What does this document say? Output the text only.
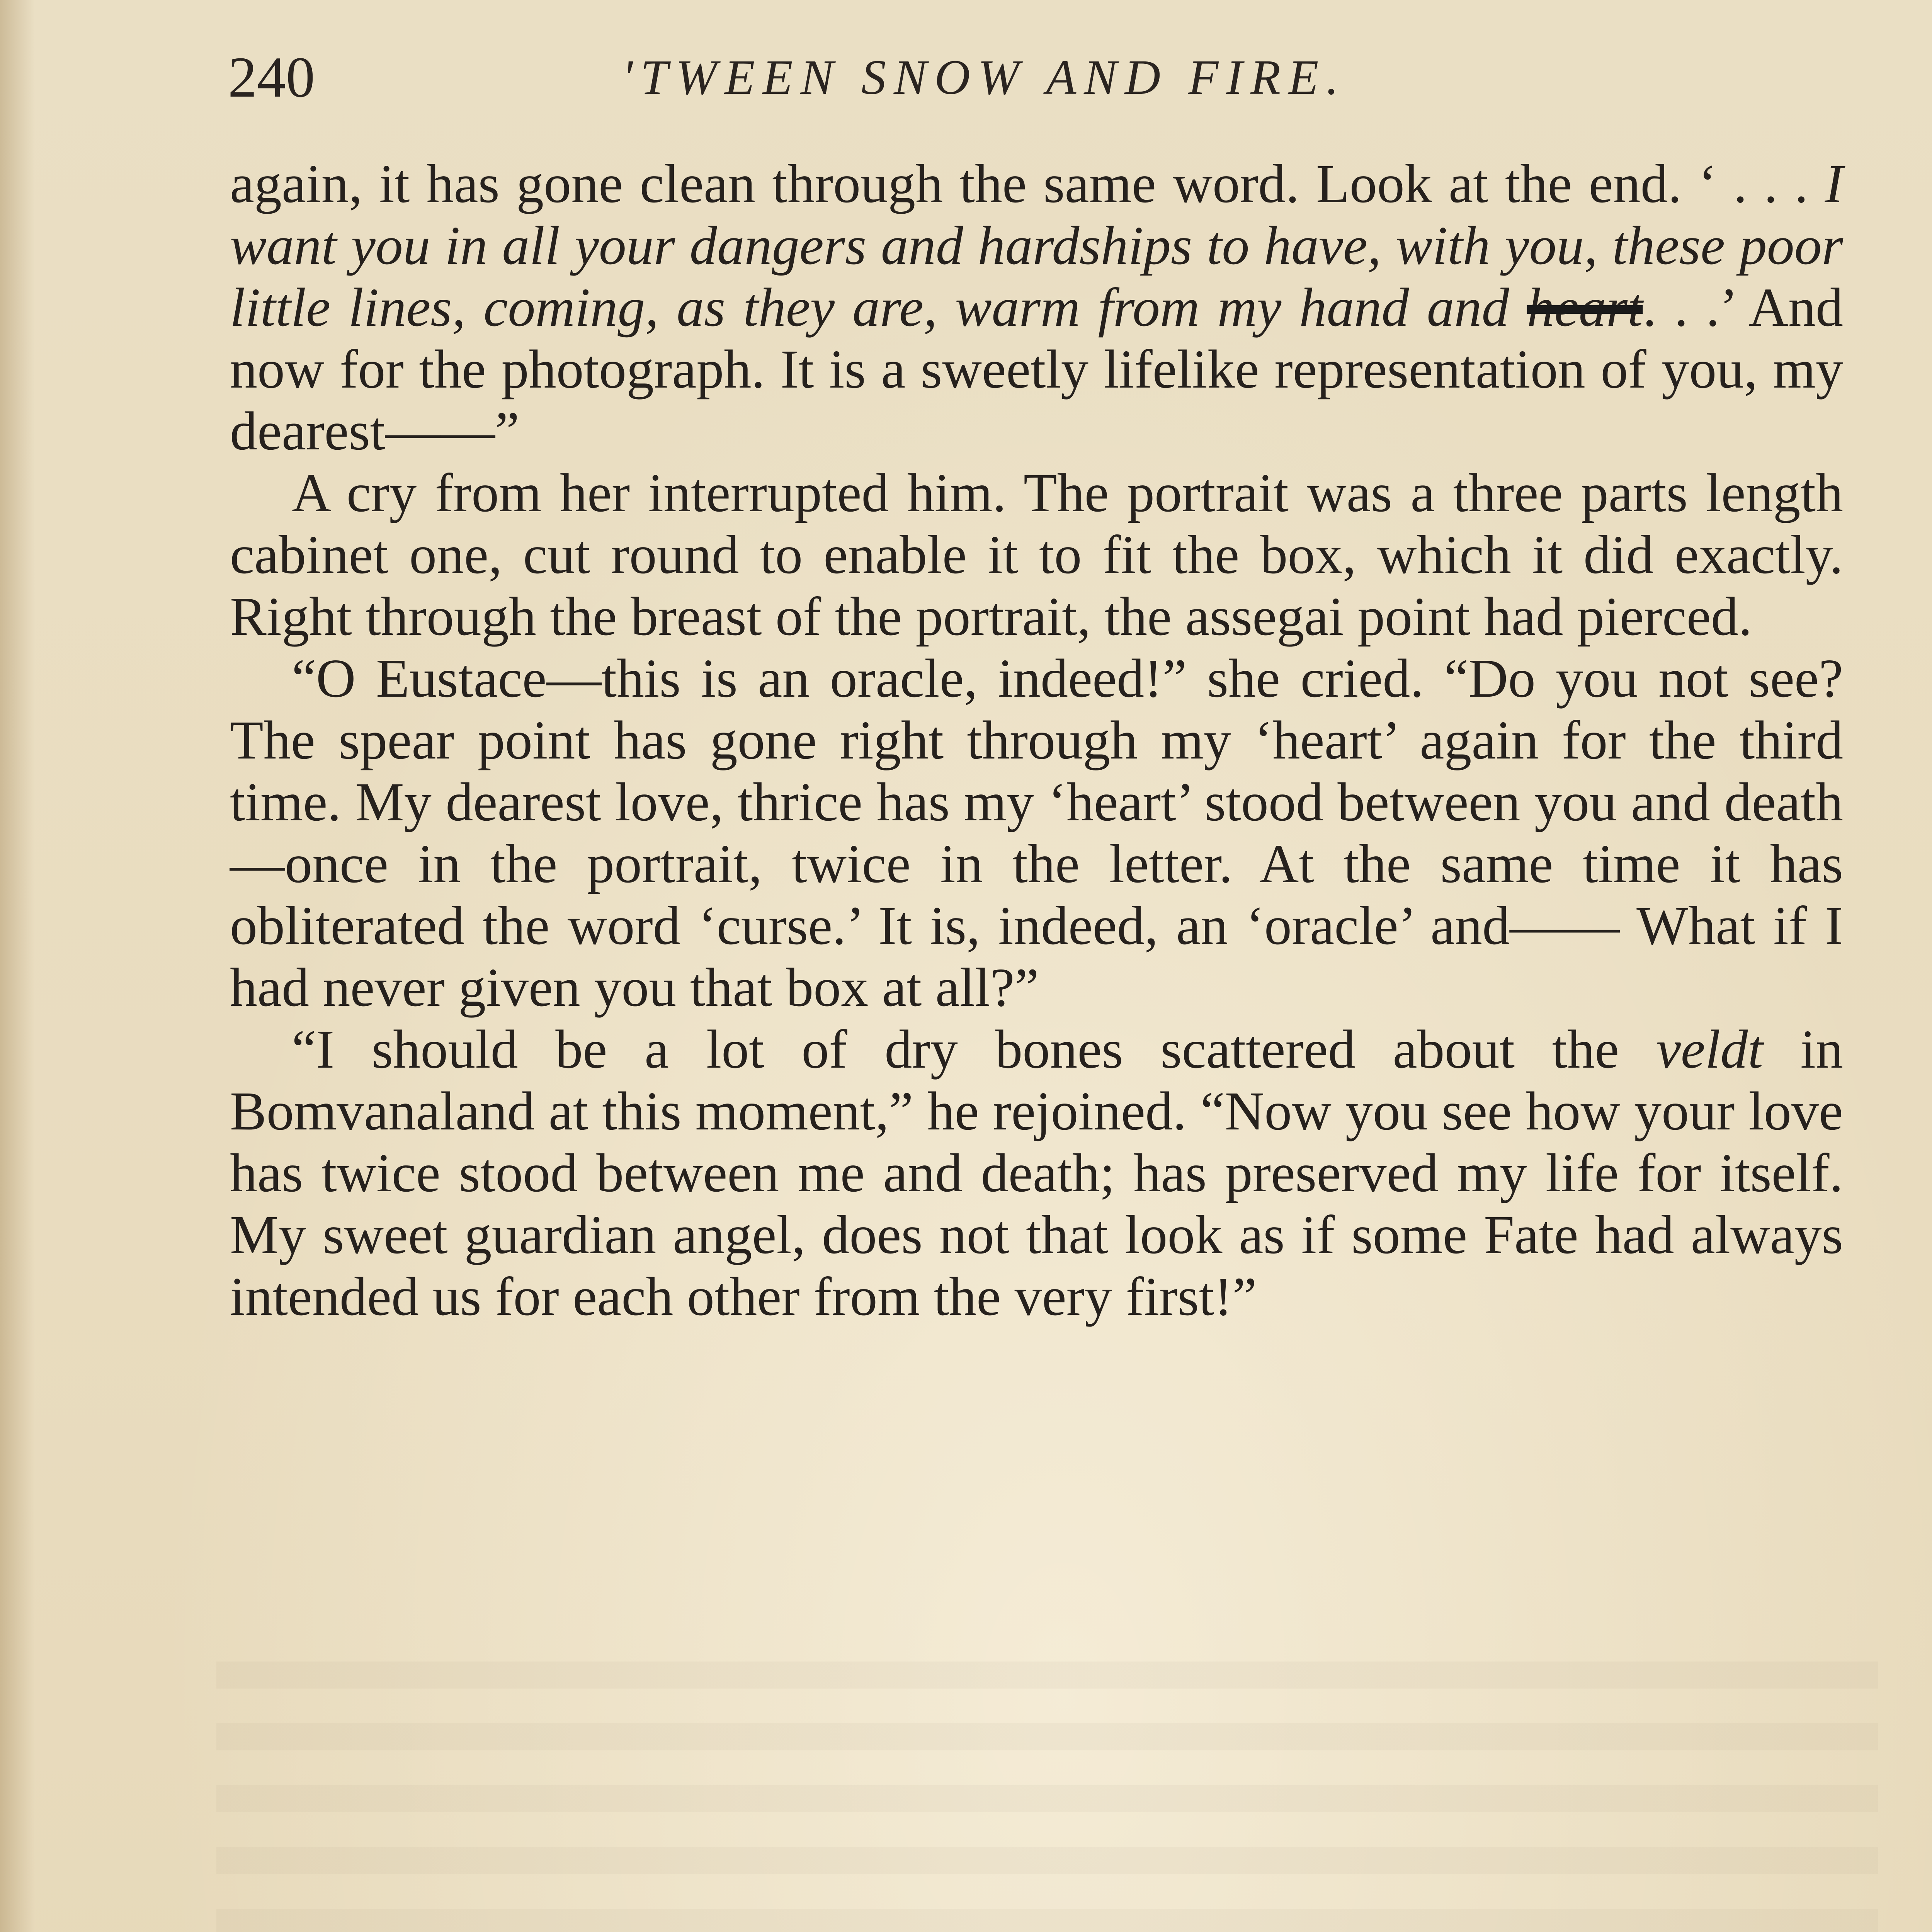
240	'TWEEN SNOW AND FIRE.

again, it has gone clean through the same word. Look at the end. ‘ . . . I want you in all your dangers and hardships to have, with you, these poor little lines, coming, as they are, warm from my hand and heart. . .’ And now for the photograph. It is a sweetly lifelike representation of you, my dearest——”

A cry from her interrupted him. The portrait was a three parts length cabinet one, cut round to enable it to fit the box, which it did exactly. Right through the breast of the portrait, the assegai point had pierced.

“O Eustace—this is an oracle, indeed!” she cried. “Do you not see? The spear point has gone right through my ‘heart’ again for the third time. My dearest love, thrice has my ‘heart’ stood between you and death—once in the portrait, twice in the letter. At the same time it has obliterated the word ‘curse.’ It is, indeed, an ‘oracle’ and—— What if I had never given you that box at all?”

“I should be a lot of dry bones scattered about the veldt in Bomvanaland at this moment,” he rejoined. “Now you see how your love has twice stood between me and death; has preserved my life for itself. My sweet guardian angel, does not that look as if some Fate had always intended us for each other from the very first!”
